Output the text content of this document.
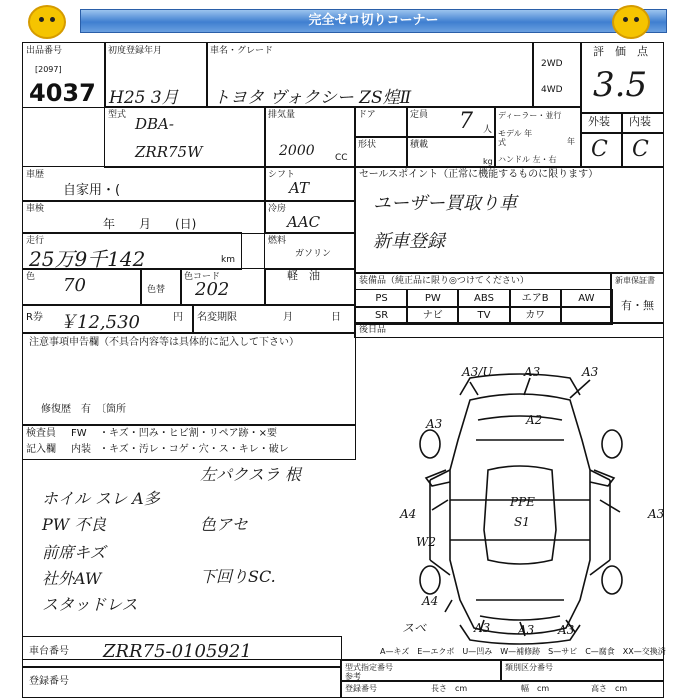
完全ゼロ切りコーナー
出品番号
[2097]
4037
初度登録年月
H25 3月
車名・グレード
トヨタ ヴォクシー ZS煌Ⅱ
2WD
4WD
評　価　点
3.5
型式 DBA-
ZRR75W
排気量
2000 CC
ドア	定員 7 人
ディーラー・並行
モデル 年式	年
ハンドル 左・右
形状	積載
kg
外装 内装
C C
車歴
自家用・(
シフト
AT
車検
年　　月　　(日)
冷房
AAC
走行
25万9千142	km
燃料
ガソリン
色 70	色替
色コード
202
軽　油
R券 ￥12,530	円 名変期限	月	日
セールスポイント（正常に機能するものに限ります）
ユーザー買取り車
新車登録
装備品（純正品に限り◎つけてください）
PS	PW	ABS	エアB	AW
SR	ナビ	TV	カワ
新車保証書
有・無
後日品
注意事項申告欄（不具合内容等は具体的に記入して下さい）
修復歴　有　〔箇所
検査員
記入欄
FW
内装
・キズ・凹み・ヒビ割・リペア跡・×要
・キズ・汚レ・コゲ・穴・ス・キレ・破レ
ホイル スレ A多
PW 不良
前席キズ
社外AW
スタッドレス
左パクスラ 根
色アセ
下回りSC.
A3/U	A3	A3
A3	A2
A4	A3
PPE
S1
A4
A3 A3 A3
W2
スベ
A—キズ　E—エクボ　U—凹み　W—補修跡　S—サビ　C—腐食　XX—交換済
車台番号 ZRR75-0105921
登録番号
型式指定番号
参考
類別区分番号
登録番号	長さ　cm	幅　cm	高さ　cm
